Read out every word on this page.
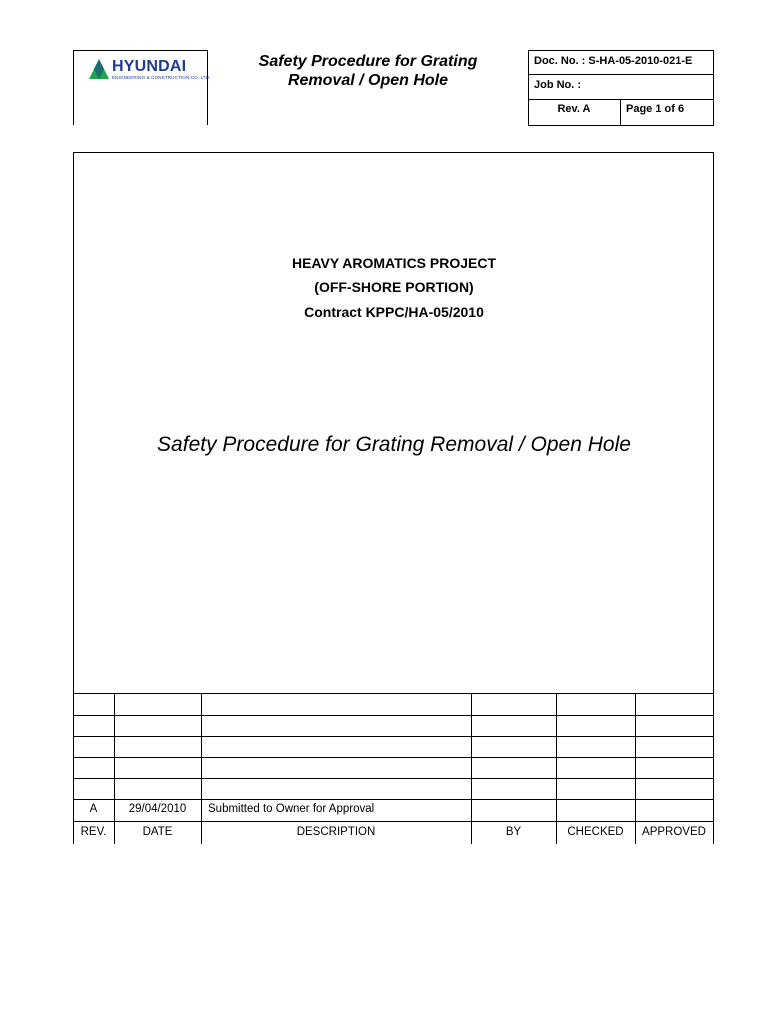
HYUNDAI
ENGINEERING & CONSTRUCTION CO.,LTD.
Safety Procedure for Grating
Removal / Open Hole
Doc. No. : S-HA-05-2010-021-E
Job No. :
Rev. A	Page 1 of 6
HEAVY AROMATICS PROJECT
(OFF-SHORE PORTION)
Contract KPPC/HA-05/2010
Safety Procedure for Grating Removal / Open Hole
A	29/04/2010	Submitted to Owner for Approval
REV.	DATE	DESCRIPTION	BY	CHECKED	APPROVED
